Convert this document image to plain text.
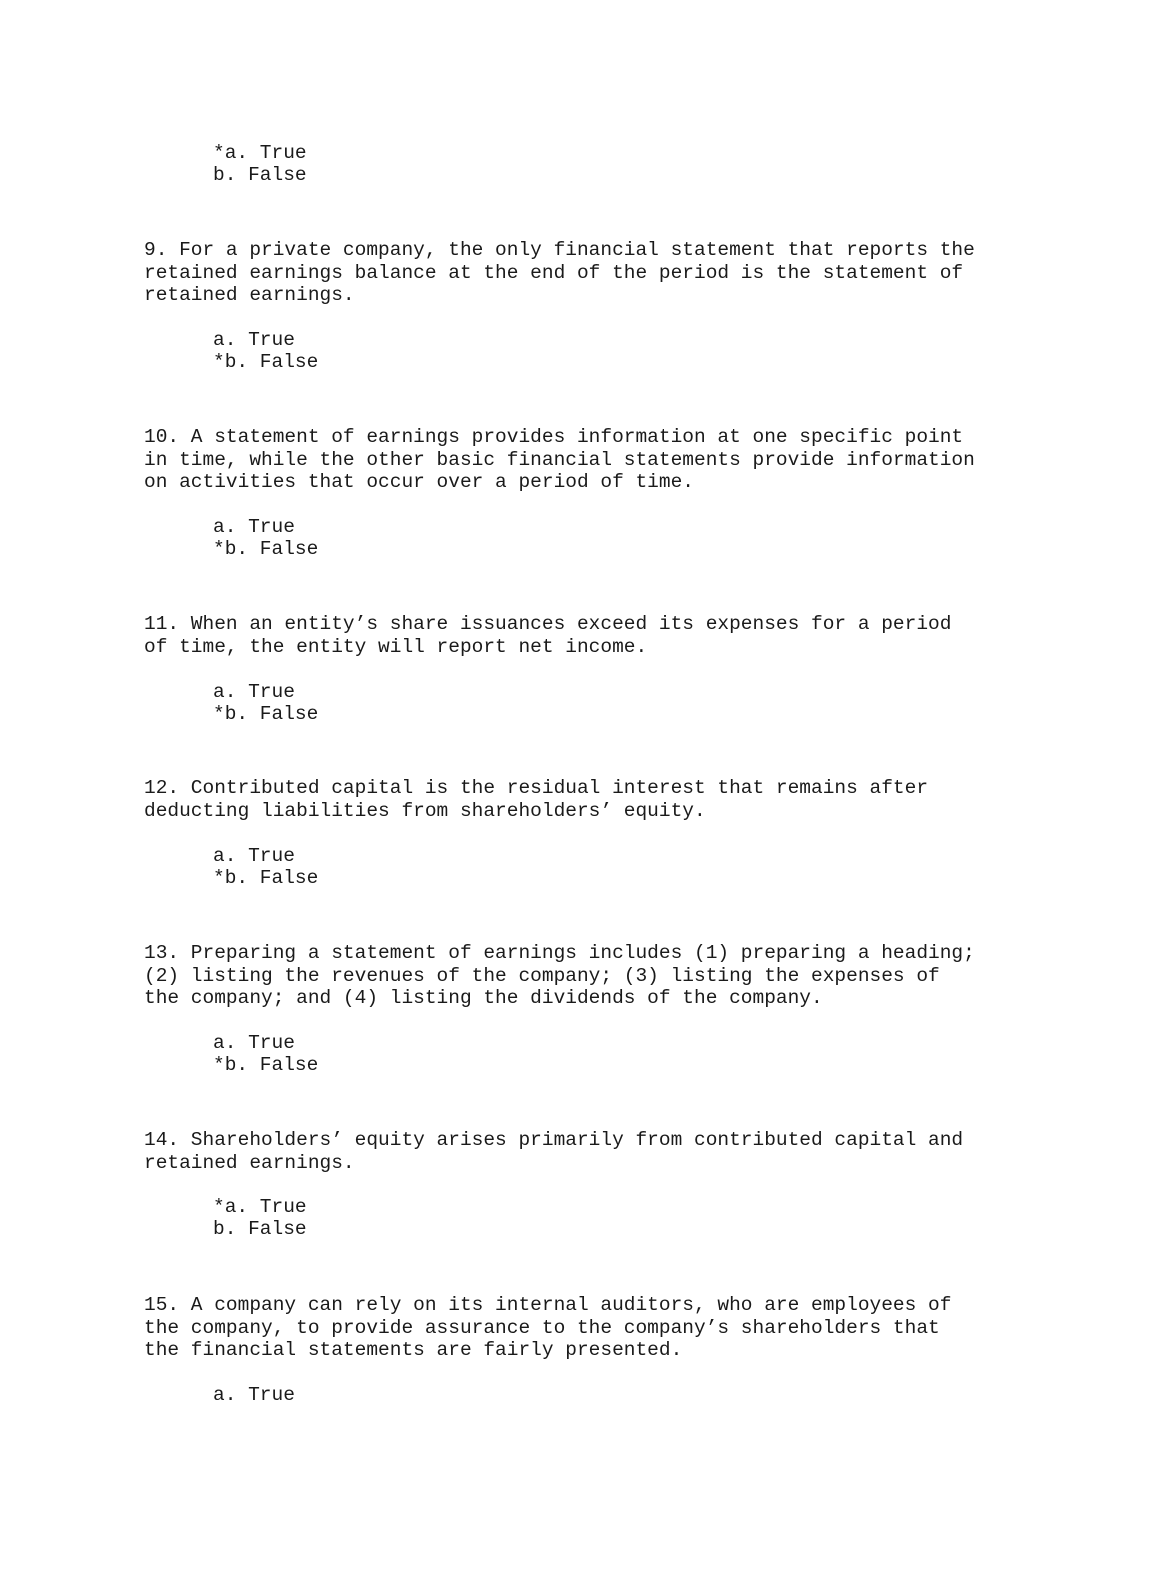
*a. True
b. False

9. For a private company, the only financial statement that reports the
retained earnings balance at the end of the period is the statement of
retained earnings.

a. True
*b. False

10. A statement of earnings provides information at one specific point
in time, while the other basic financial statements provide information
on activities that occur over a period of time.

a. True
*b. False

11. When an entity’s share issuances exceed its expenses for a period
of time, the entity will report net income.

a. True
*b. False

12. Contributed capital is the residual interest that remains after
deducting liabilities from shareholders’ equity.

a. True
*b. False

13. Preparing a statement of earnings includes (1) preparing a heading;
(2) listing the revenues of the company; (3) listing the expenses of
the company; and (4) listing the dividends of the company.

a. True
*b. False

14. Shareholders’ equity arises primarily from contributed capital and
retained earnings.

*a. True
b. False

15. A company can rely on its internal auditors, who are employees of
the company, to provide assurance to the company’s shareholders that
the financial statements are fairly presented.

a. True
